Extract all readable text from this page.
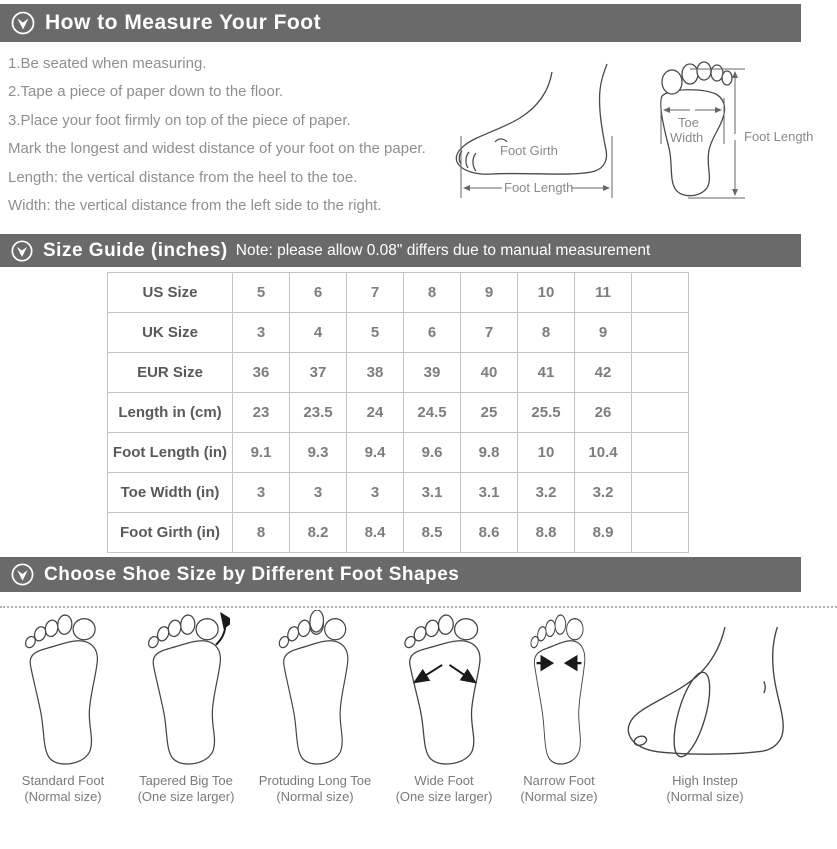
How to Measure Your Foot
1.Be seated when measuring.
2.Tape a piece of paper down to the floor.
3.Place your foot firmly on top of the piece of paper.
Mark the longest and widest distance of your foot on the paper.
Length: the vertical distance from the heel to the toe.
Width: the vertical distance from the left side to the right.
Foot Girth
Foot Length
Toe
Width	Foot Length
Size Guide (inches) Note: please allow 0.08" differs due to manual measurement
US Size	5	6	7	8	9	10	11	
UK Size	3	4	5	6	7	8	9	
EUR Size	36	37	38	39	40	41	42	
Length in (cm)	23	23.5	24	24.5	25	25.5	26	
Foot Length (in)	9.1	9.3	9.4	9.6	9.8	10	10.4	
Toe Width (in)	3	3	3	3.1	3.1	3.2	3.2	
Foot Girth (in)	8	8.2	8.4	8.5	8.6	8.8	8.9	
Choose Shoe Size by Different Foot Shapes
Standard Foot
(Normal size)
Tapered Big Toe
(One size larger)
Protuding Long Toe
(Normal size)
Wide Foot
(One size larger)
Narrow Foot
(Normal size)
High Instep
(Normal size)
